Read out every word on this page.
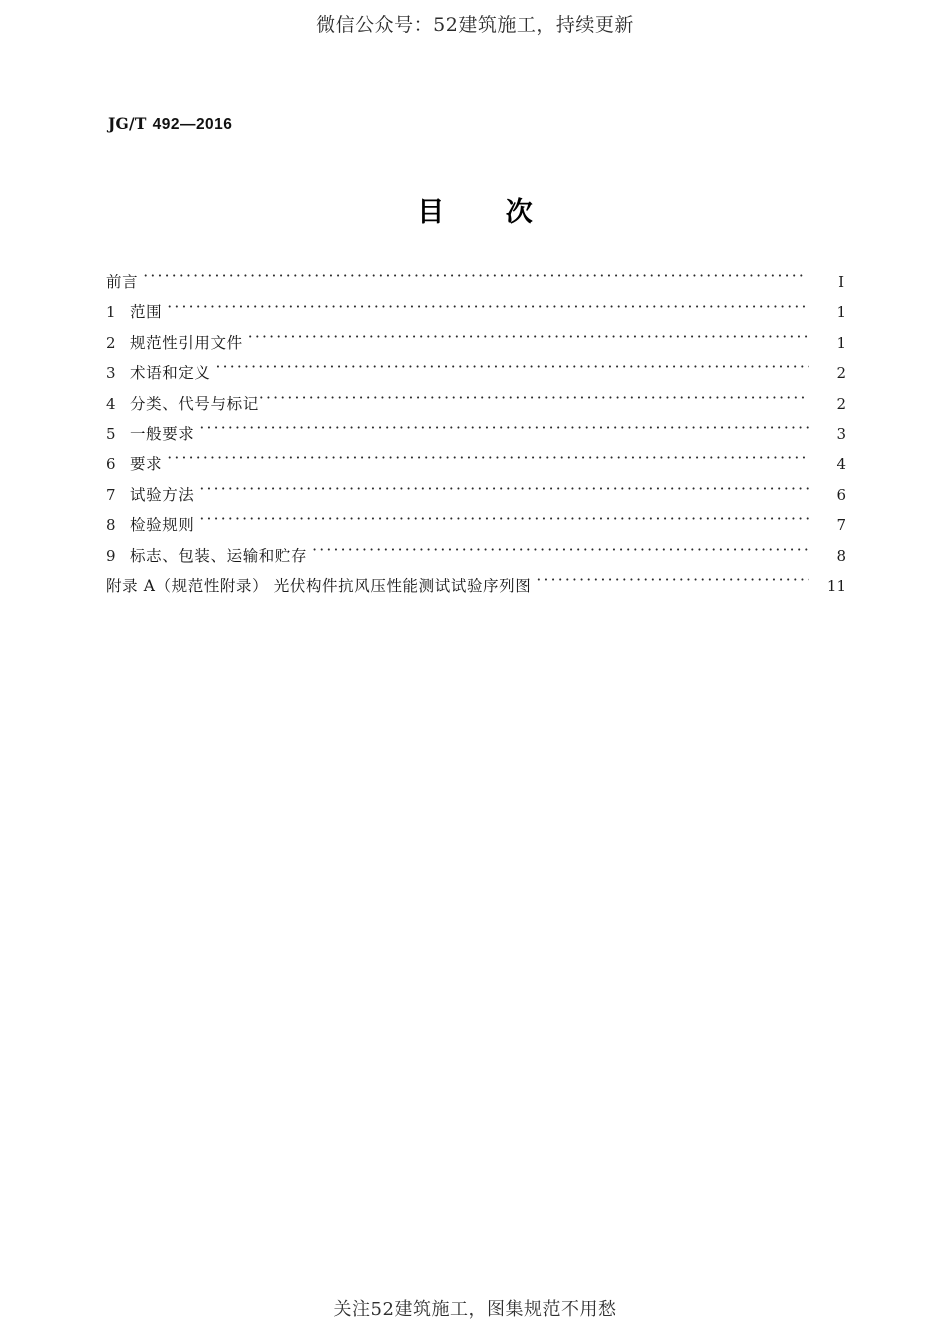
微信公众号：52建筑施工，持续更新
JG/T 492—2016
目 次
前言 ·····	I
1 范围 ·····	1
2 规范性引用文件 ·····	1
3 术语和定义 ·····	2
4 分类、代号与标记 ·····	2
5 一般要求 ·····	3
6 要求 ·····	4
7 试验方法 ·····	6
8 检验规则 ·····	7
9 标志、包装、运输和贮存 ·····	8
附录 A（规范性附录） 光伏构件抗风压性能测试试验序列图 ·····	11
关注52建筑施工，图集规范不用愁
